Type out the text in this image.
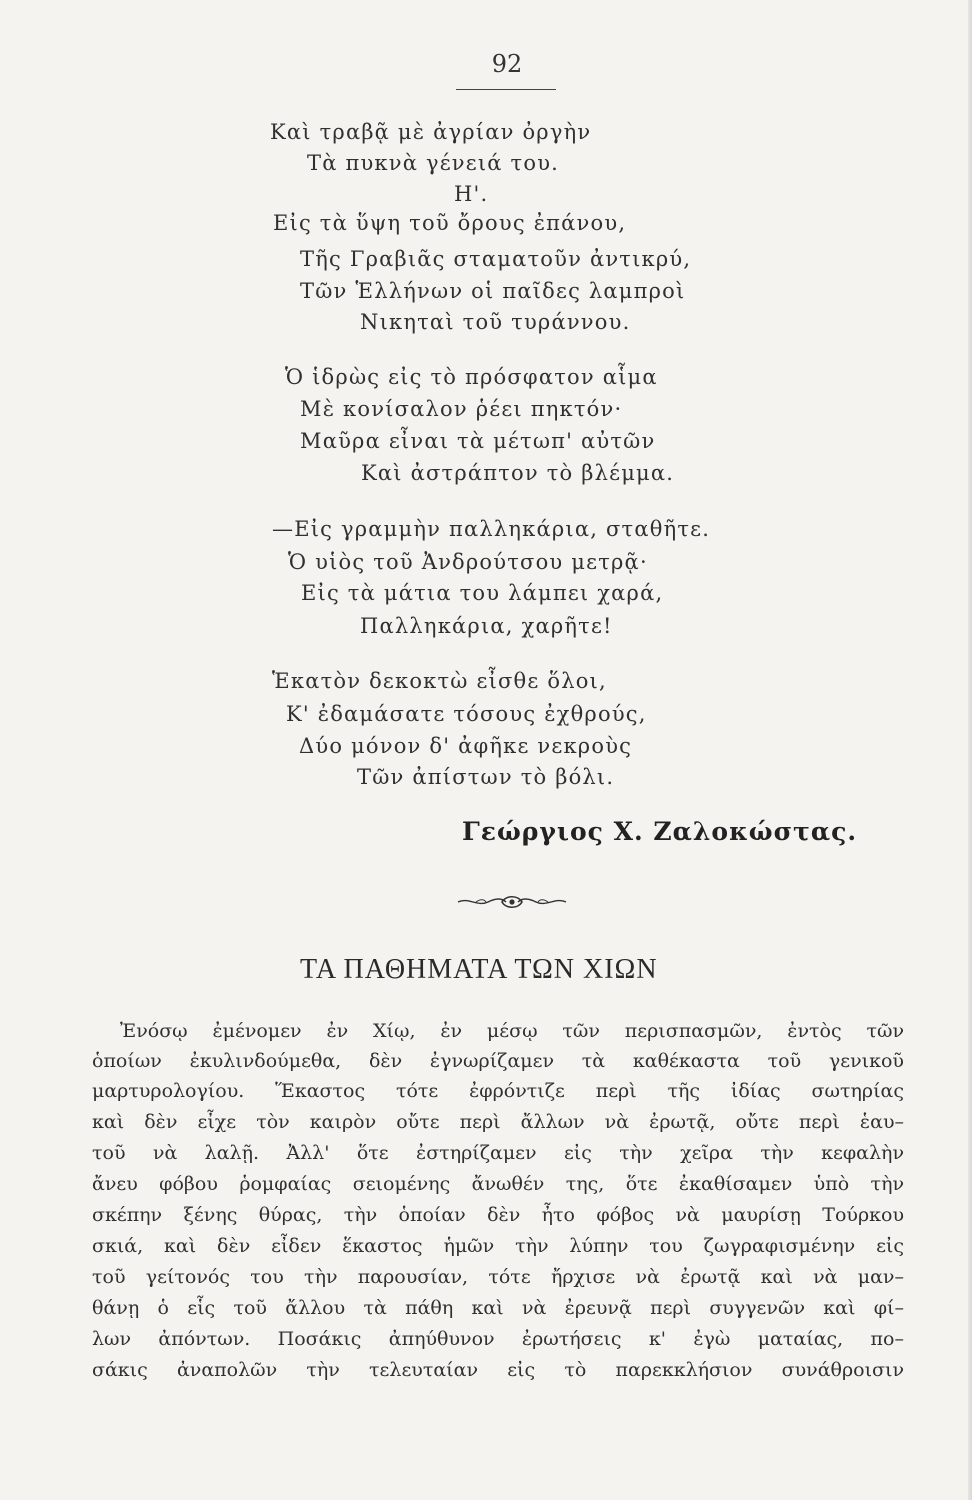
92
Καὶ τραβᾷ μὲ ἀγρίαν ὀργὴν
Τὰ πυκνὰ γένειά του.
Η'.
Εἰς τὰ ὕψη τοῦ ὄρους ἐπάνου,
Τῆς Γραβιᾶς σταματοῦν ἀντικρύ,
Τῶν Ἑλλήνων οἱ παῖδες λαμπροὶ
Νικηταὶ τοῦ τυράννου.
Ὁ ἱδρὼς εἰς τὸ πρόσφατον αἷμα
Μὲ κονίσαλον ῥέει πηκτόν·
Μαῦρα εἶναι τὰ μέτωπ' αὐτῶν
Καὶ ἀστράπτον τὸ βλέμμα.
—Εἰς γραμμὴν παλληκάρια, σταθῆτε.
Ὁ υἱὸς τοῦ Ἀνδρούτσου μετρᾷ·
Εἰς τὰ μάτια του λάμπει χαρά,
Παλληκάρια, χαρῆτε!
Ἑκατὸν δεκοκτὼ εἶσθε ὅλοι,
Κ' ἐδαμάσατε τόσους ἐχθρούς,
Δύο μόνον δ' ἀφῆκε νεκροὺς
Τῶν ἀπίστων τὸ βόλι.
Γεώργιος Χ. Ζαλοκώστας.
ΤΑ ΠΑΘΗΜΑΤΑ ΤΩΝ ΧΙΩΝ
Ἐνόσῳ ἐμένομεν ἐν Χίῳ, ἐν μέσῳ τῶν περισπασμῶν, ἐντὸς τῶν
ὁποίων ἐκυλινδούμεθα, δὲν ἐγνωρίζαμεν τὰ καθέκαστα τοῦ γενικοῦ
μαρτυρολογίου. Ἕκαστος τότε ἐφρόντιζε περὶ τῆς ἰδίας σωτηρίας
καὶ δὲν εἶχε τὸν καιρὸν οὔτε περὶ ἄλλων νὰ ἐρωτᾷ, οὔτε περὶ ἑαυ–
τοῦ νὰ λαλῇ. Ἀλλ' ὅτε ἐστηρίζαμεν εἰς τὴν χεῖρα τὴν κεφαλὴν
ἄνευ φόβου ῥομφαίας σειομένης ἄνωθέν της, ὅτε ἐκαθίσαμεν ὑπὸ τὴν
σκέπην ξένης θύρας, τὴν ὁποίαν δὲν ἦτο φόβος νὰ μαυρίσῃ Τούρκου
σκιά, καὶ δὲν εἶδεν ἕκαστος ἡμῶν τὴν λύπην του ζωγραφισμένην εἰς
τοῦ γείτονός του τὴν παρουσίαν, τότε ἤρχισε νὰ ἐρωτᾷ καὶ νὰ μαν–
θάνῃ ὁ εἷς τοῦ ἄλλου τὰ πάθη καὶ νὰ ἐρευνᾷ περὶ συγγενῶν καὶ φί–
λων ἀπόντων. Ποσάκις ἀπηύθυνον ἐρωτήσεις κ' ἐγὼ ματαίας, πο–
σάκις ἀναπολῶν τὴν τελευταίαν εἰς τὸ παρεκκλήσιον συνάθροισιν
